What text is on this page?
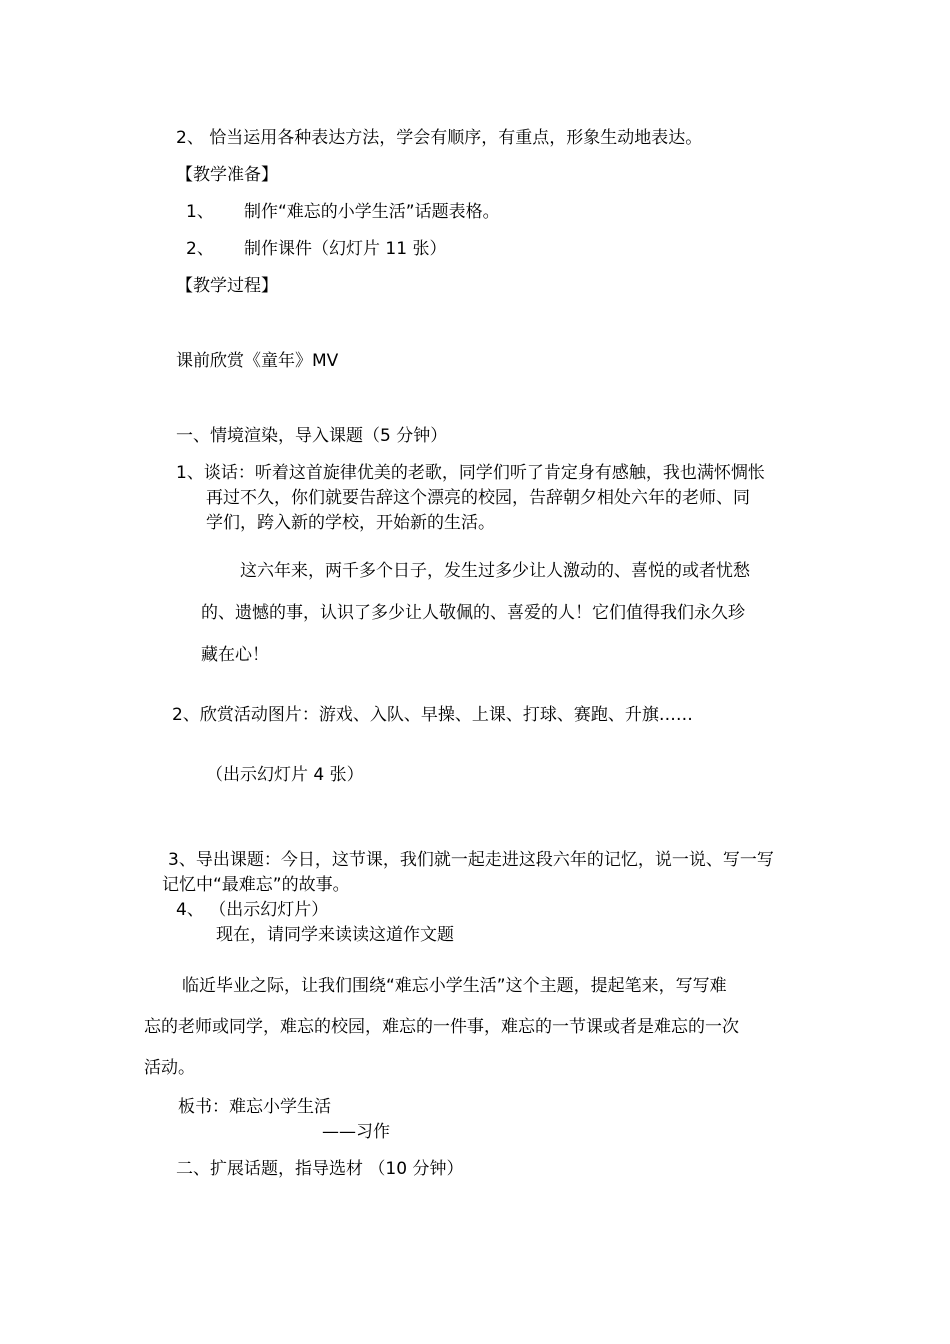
2、 恰当运用各种表达方法，学会有顺序，有重点，形象生动地表达。
【教学准备】
1、 制作“难忘的小学生活”话题表格。
2、 制作课件（幻灯片 11 张）
【教学过程】
课前欣赏《童年》MV
一、情境渲染，导入课题（5 分钟）
1、谈话：听着这首旋律优美的老歌，同学们听了肯定身有感触，我也满怀惆怅
再过不久，你们就要告辞这个漂亮的校园，告辞朝夕相处六年的老师、同
学们，跨入新的学校，开始新的生活。
这六年来，两千多个日子，发生过多少让人激动的、喜悦的或者忧愁
的、遗憾的事，认识了多少让人敬佩的、喜爱的人！它们值得我们永久珍
藏在心！
2、欣赏活动图片：游戏、入队、早操、上课、打球、赛跑、升旗……
（出示幻灯片 4 张）
3、导出课题：今日，这节课，我们就一起走进这段六年的记忆，说一说、写一写
记忆中“最难忘”的故事。
4、 （出示幻灯片）
现在，请同学来读读这道作文题
临近毕业之际，让我们围绕“难忘小学生活”这个主题，提起笔来，写写难
忘的老师或同学，难忘的校园，难忘的一件事，难忘的一节课或者是难忘的一次
活动。
板书：难忘小学生活
——习作
二、扩展话题，指导选材 （10 分钟）
